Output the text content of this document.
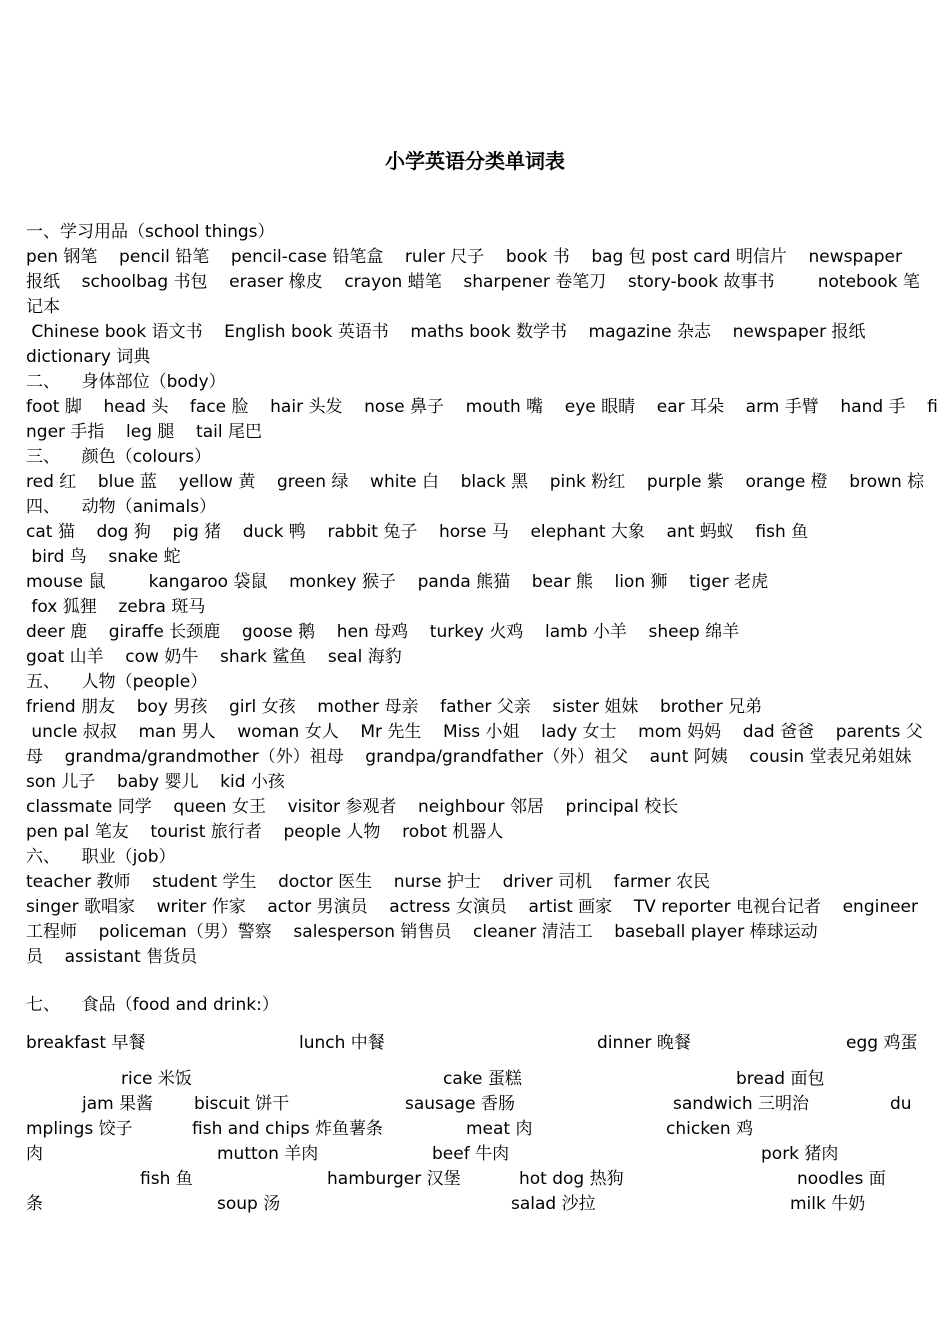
小学英语分类单词表
一、学习用品（school things）
pen 钢笔    pencil 铅笔    pencil-case 铅笔盒    ruler 尺子    book 书    bag 包 post card 明信片    newspaper
报纸    schoolbag 书包    eraser 橡皮    crayon 蜡笔    sharpener 卷笔刀    story-book 故事书        notebook 笔
记本
Chinese book 语文书    English book 英语书    maths book 数学书    magazine 杂志    newspaper 报纸
dictionary 词典
二、    身体部位（body）
foot 脚    head 头    face 脸    hair 头发    nose 鼻子    mouth 嘴    eye 眼睛    ear 耳朵    arm 手臂    hand 手    fi
nger 手指    leg 腿    tail 尾巴
三、    颜色（colours）
red 红    blue 蓝    yellow 黄    green 绿    white 白    black 黑    pink 粉红    purple 紫    orange 橙    brown 棕
四、    动物（animals）
cat 猫    dog 狗    pig 猪    duck 鸭    rabbit 兔子    horse 马    elephant 大象    ant 蚂蚁    fish 鱼
bird 鸟    snake 蛇
mouse 鼠        kangaroo 袋鼠    monkey 猴子    panda 熊猫    bear 熊    lion 狮    tiger 老虎
fox 狐狸    zebra 斑马
deer 鹿    giraffe 长颈鹿    goose 鹅    hen 母鸡    turkey 火鸡    lamb 小羊    sheep 绵羊
goat 山羊    cow 奶牛    shark 鲨鱼    seal 海豹
五、    人物（people）
friend 朋友    boy 男孩    girl 女孩    mother 母亲    father 父亲    sister 姐妹    brother 兄弟
uncle 叔叔    man 男人    woman 女人    Mr 先生    Miss 小姐    lady 女士    mom 妈妈    dad 爸爸    parents 父
母    grandma/grandmother（外）祖母    grandpa/grandfather（外）祖父    aunt 阿姨    cousin 堂表兄弟姐妹
son 儿子    baby 婴儿    kid 小孩
classmate 同学    queen 女王    visitor 参观者    neighbour 邻居    principal 校长
pen pal 笔友    tourist 旅行者    people 人物    robot 机器人
六、    职业（job）
teacher 教师    student 学生    doctor 医生    nurse 护士    driver 司机    farmer 农民
singer 歌唱家    writer 作家    actor 男演员    actress 女演员    artist 画家    TV reporter 电视台记者    engineer
工程师    policeman（男）警察    salesperson 销售员    cleaner 清洁工    baseball player 棒球运动
员    assistant 售货员
七、    食品（food and drink:）
breakfast 早餐	lunch 中餐	dinner 晚餐	egg 鸡蛋
rice 米饭	cake 蛋糕	bread 面包
jam 果酱 biscuit 饼干	sausage 香肠	sandwich 三明治	du
mplings 饺子	fish and chips 炸鱼薯条	meat 肉	chicken 鸡
肉	mutton 羊肉	beef 牛肉	pork 猪肉
fish 鱼	hamburger 汉堡	hot dog 热狗	noodles 面
条	soup 汤	salad 沙拉	milk 牛奶
